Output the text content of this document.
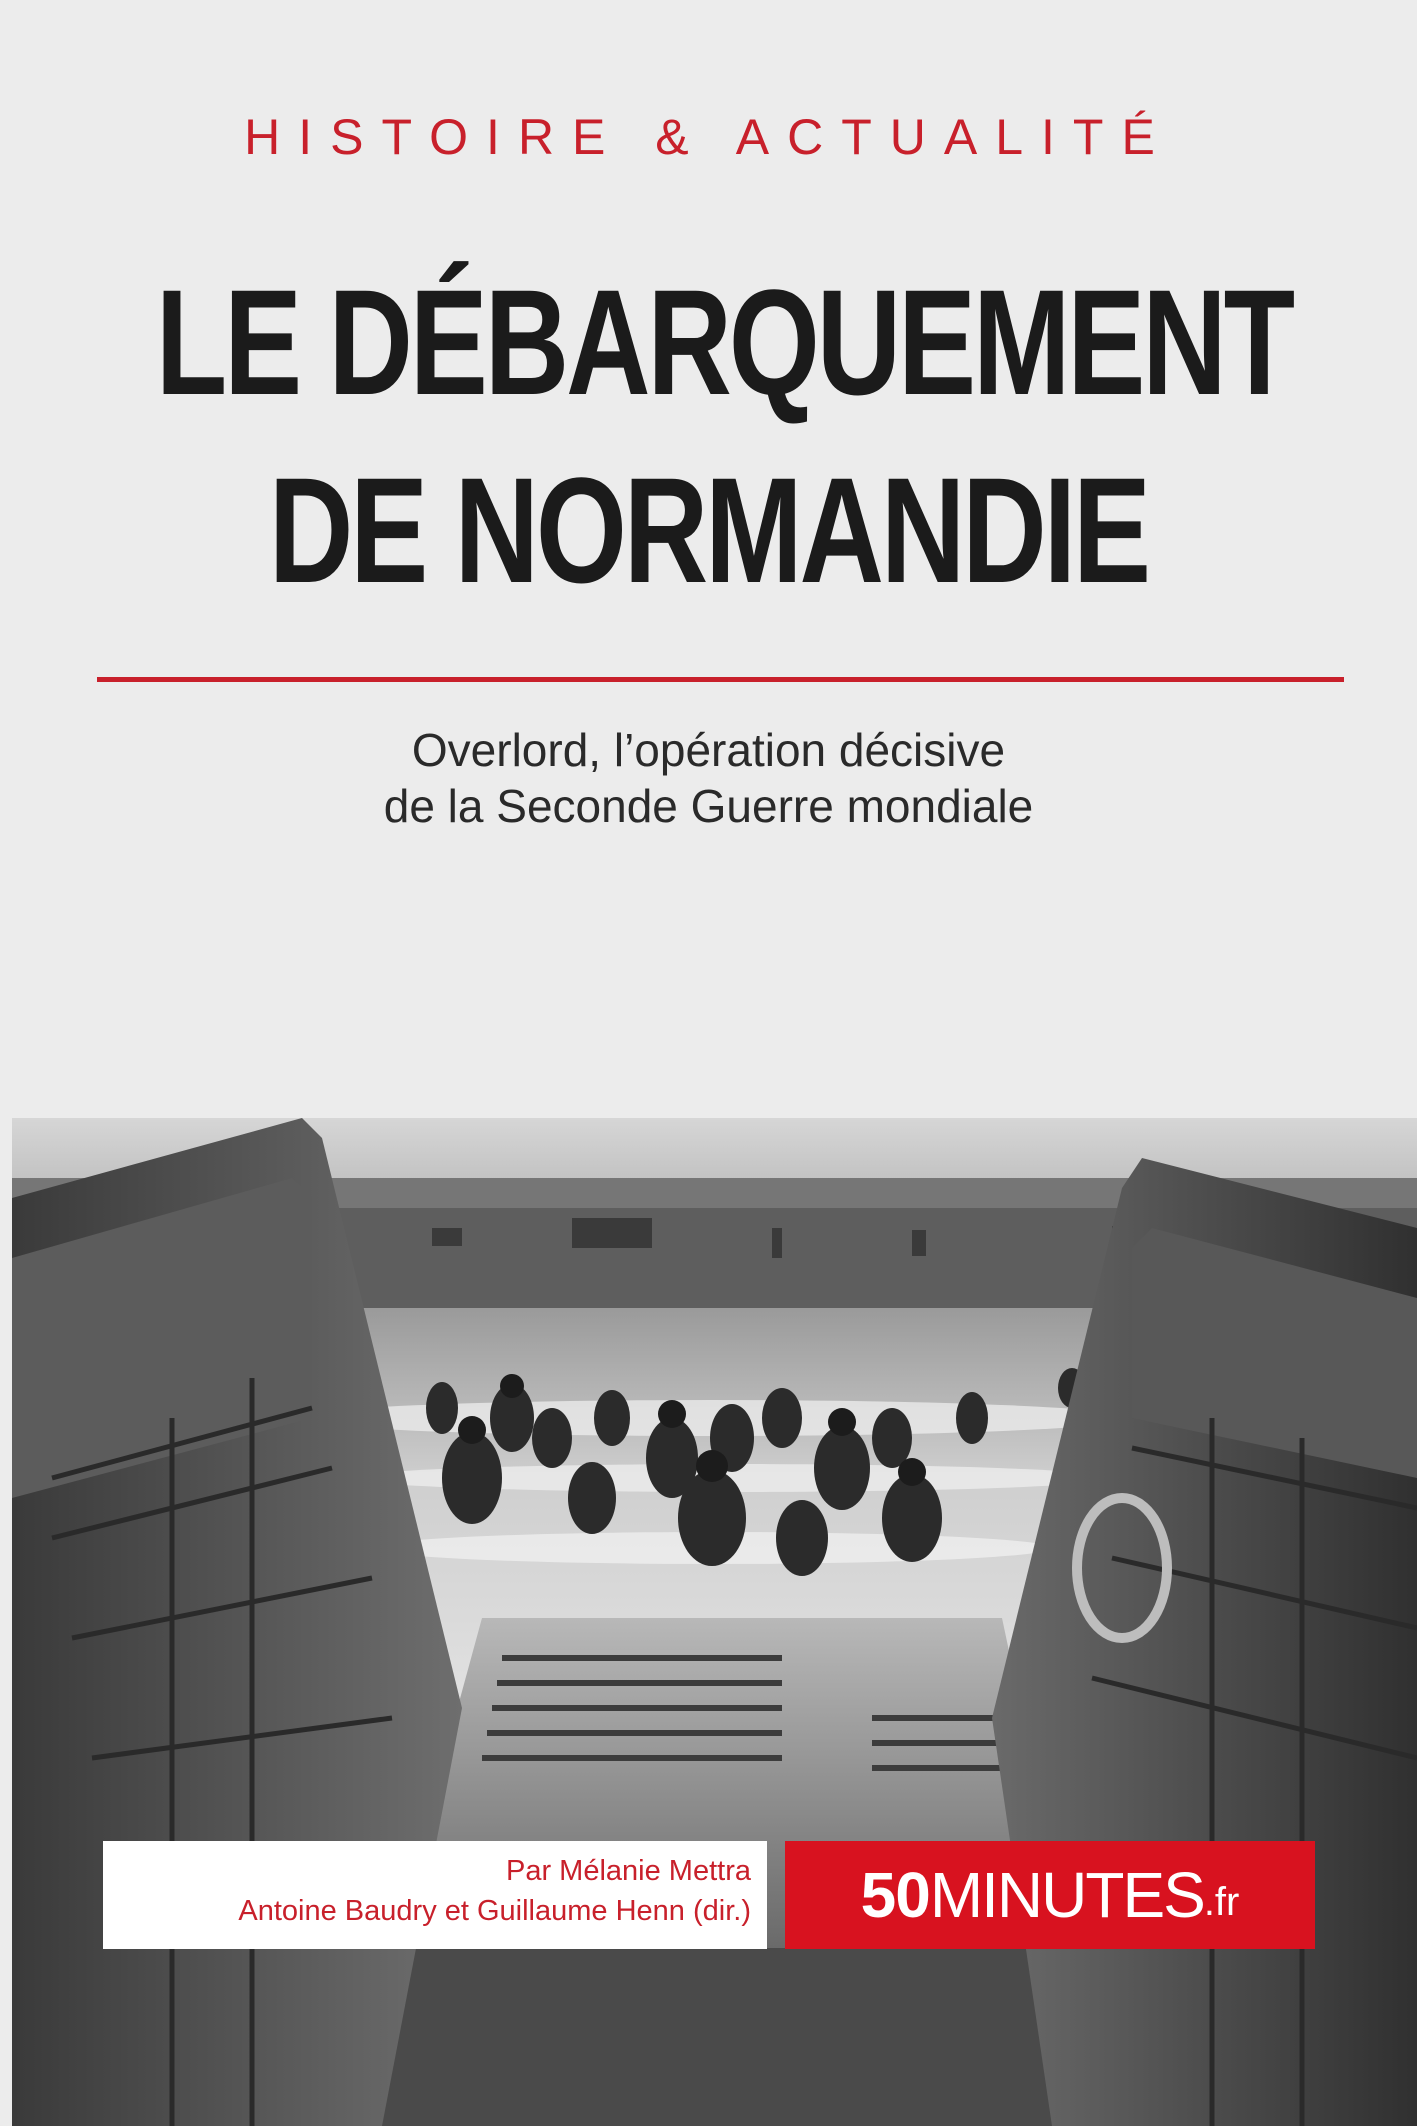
HISTOIRE & ACTUALITÉ
LE DÉBARQUEMENT
DE NORMANDIE
Overlord, l’opération décisive
de la Seconde Guerre mondiale
Par Mélanie Mettra
Antoine Baudry et Guillaume Henn (dir.) 50 MINUTES .fr
